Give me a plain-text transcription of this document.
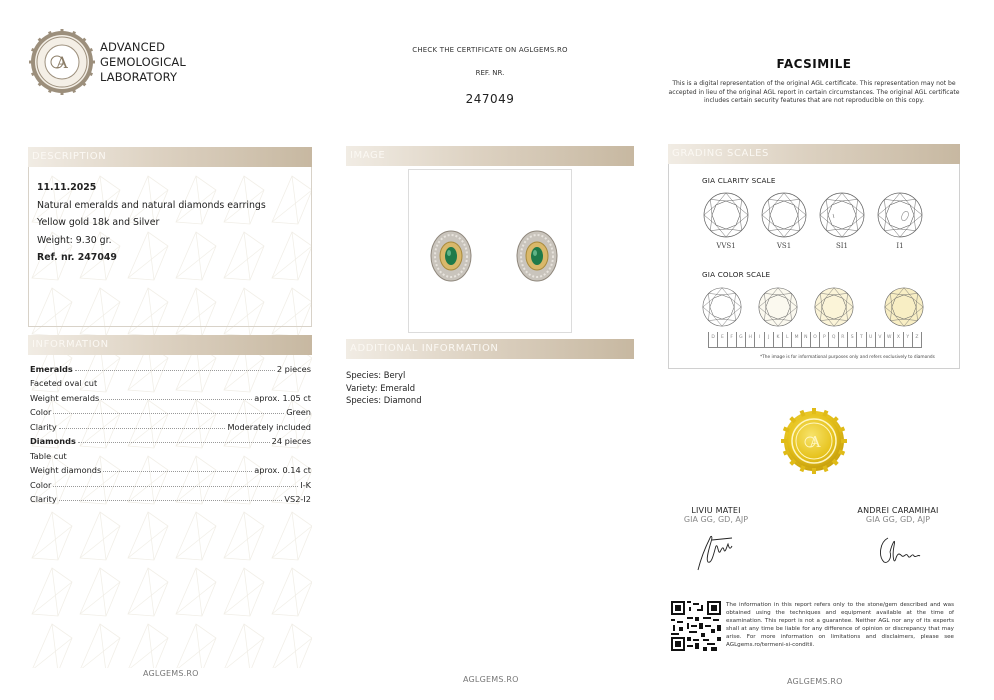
A
ADVANCED
GEMOLOGICAL
LABORATORY
CHECK THE CERTIFICATE ON AGLGEMS.RO
REF. NR.
247049
FACSIMILE
This is a digital representation of the original AGL certificate. This representation may not be accepted in lieu of the original AGL report in certain circumstances. The original AGL certificate includes certain security features that are not reproducible on this copy.
DESCRIPTION
11.11.2025
Natural emeralds and natural diamonds earrings
Yellow gold 18k and Silver
Weight: 9.30 gr.
Ref. nr. 247049
INFORMATION
Emeralds	2 pieces
Faceted oval cut
Weight emeralds	aprox. 1.05 ct
Color	Green
Clarity	Moderately included
Diamonds	24 pieces
Table cut
Weight diamonds	aprox. 0.14 ct
Color	I-K
Clarity	VS2-I2
AGLGEMS.RO
IMAGE
ADDITIONAL INFORMATION
Species: Beryl
Variety: Emerald
Species: Diamond
AGLGEMS.RO
GRADING SCALES
GIA CLARITY SCALE
VVS1	VS1	SI1	I1
GIA COLOR SCALE
D	E	F	G	H	I	J	K	L	M	N	O	P	Q	R	S	T	U	V	W	X	Y	Z
*The image is for informational purposes only and refers exclusively to diamonds
A
LIVIU MATEI
GIA GG, GD, AJP
ANDREI CARAMIHAI
GIA GG, GD, AJP
The information in this report refers only to the stone/gem described and was obtained using the techniques and equipment available at the time of examination. This report is not a guarantee. Neither AGL nor any of its experts shall at any time be liable for any difference of opinion or discrepancy that may arise. For more information on limitations and disclaimers, please see AGLgems.ro/termeni-si-conditii.
AGLGEMS.RO
